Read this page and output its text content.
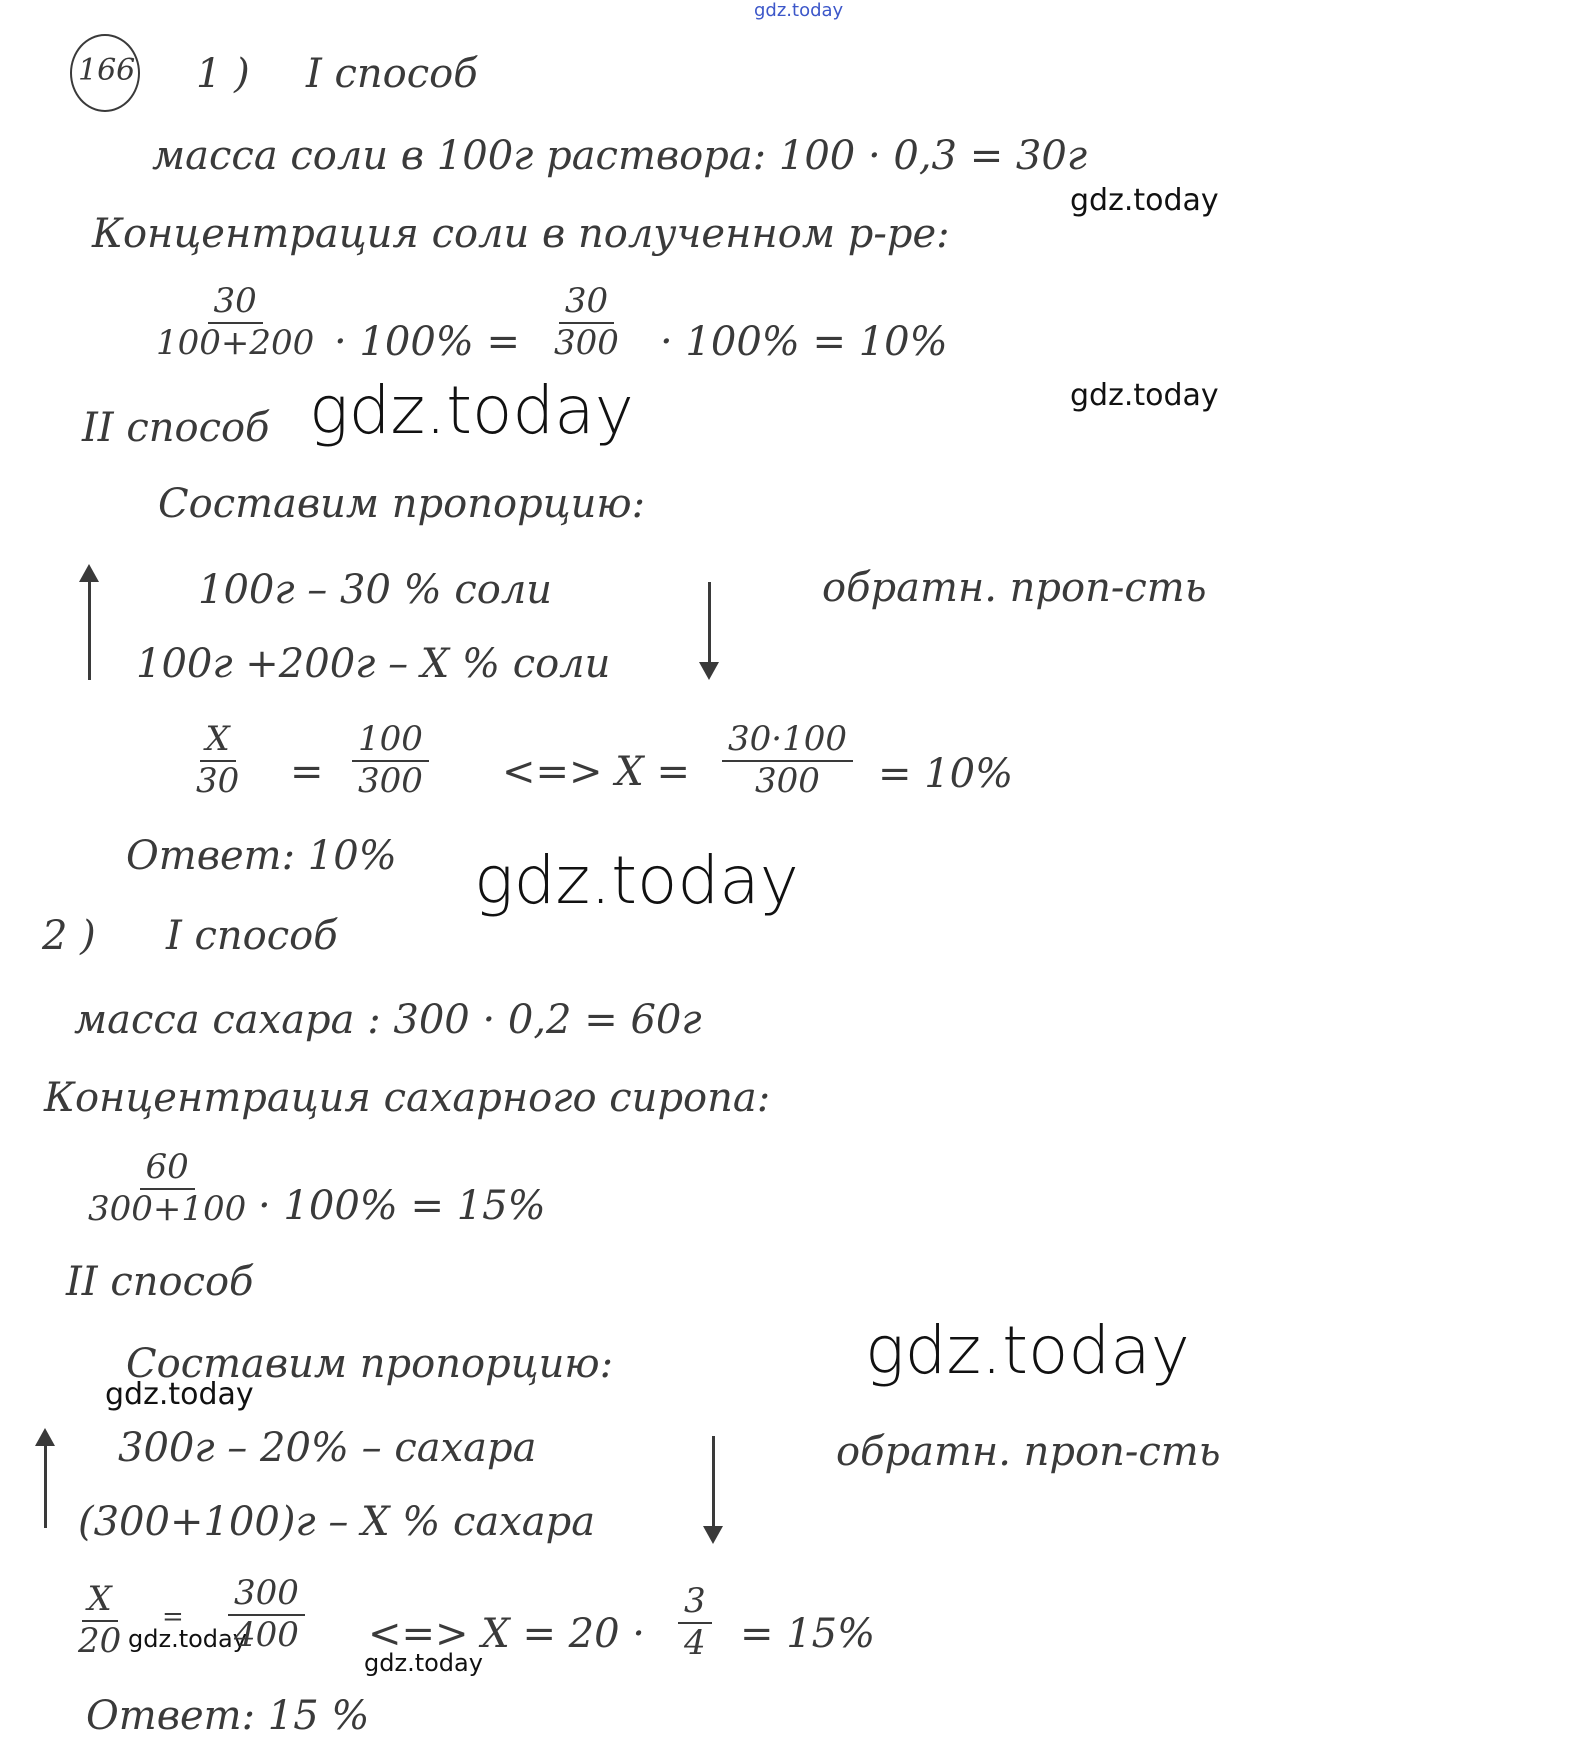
gdz.today
gdz.today
gdz.today
gdz.today
gdz.today
gdz.today
gdz.today
gdz.today
gdz.today
166 1 ) I способ
масса соли в 100г раствора: 100 · 0,3 = 30г
Концентрация соли в полученном р-ре:
$\frac{30}{100+200} \cdot 100\% = \frac{30}{300} \cdot 100\% = 10\%$
II способ
Составим пропорцию:
100г – 30 % соли
100г +200г – X % соли
обратн. проп-сть
$\frac{X}{30} = \frac{100}{300}$ <=> $X = \frac{30\cdot 100}{300} = 10\%$
Ответ: 10%
2 ) I способ
масса сахара : 300 · 0,2 = 60г
Концентрация сахарного сиропа:
$\frac{60}{300+100} \cdot 100\% = 15\%$
II способ
Составим пропорцию:
300г – 20% – сахара
(300+100)г – X % сахара
обратн. проп-сть
$\frac{X}{20} = \frac{300}{400}$ <=> $X = 20 \cdot \frac{3}{4} = 15\%$
Ответ: 15 %
